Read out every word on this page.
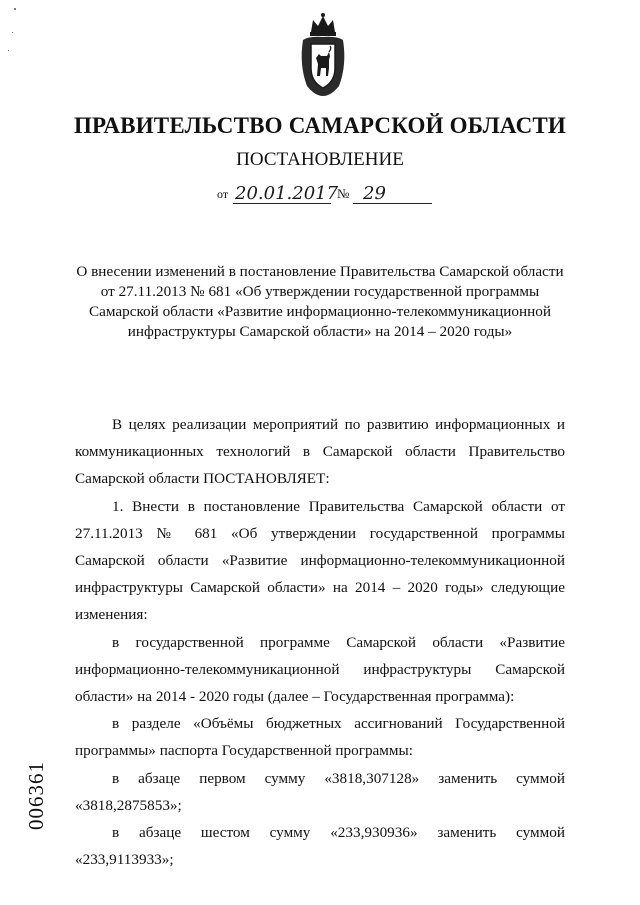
ПРАВИТЕЛЬСТВО САМАРСКОЙ ОБЛАСТИ
ПОСТАНОВЛЕНИЕ
от 20.01.2017
№ 29
О внесении изменений в постановление Правительства Самарской области от 27.11.2013 № 681 «Об утверждении государственной программы Самарской области «Развитие информационно-телекоммуникационной инфраструктуры Самарской области» на 2014 – 2020 годы»

В целях реализации мероприятий по развитию информационных и коммуникационных технологий в Самарской области Правительство Самарской области ПОСТАНОВЛЯЕТ:

1. Внести в постановление Правительства Самарской области от 27.11.2013 № 681 «Об утверждении государственной программы Самарской области «Развитие информационно-телекоммуникационной инфраструктуры Самарской области» на 2014 – 2020 годы» следующие изменения:

в государственной программе Самарской области «Развитие информационно-телекоммуникационной инфраструктуры Самарской области» на 2014 - 2020 годы (далее – Государственная программа):

в разделе «Объёмы бюджетных ассигнований Государственной программы» паспорта Государственной программы:

в абзаце первом сумму «3818,307128» заменить суммой «3818,2875853»;

в абзаце шестом сумму «233,930936» заменить суммой «233,9113933»;

006361
